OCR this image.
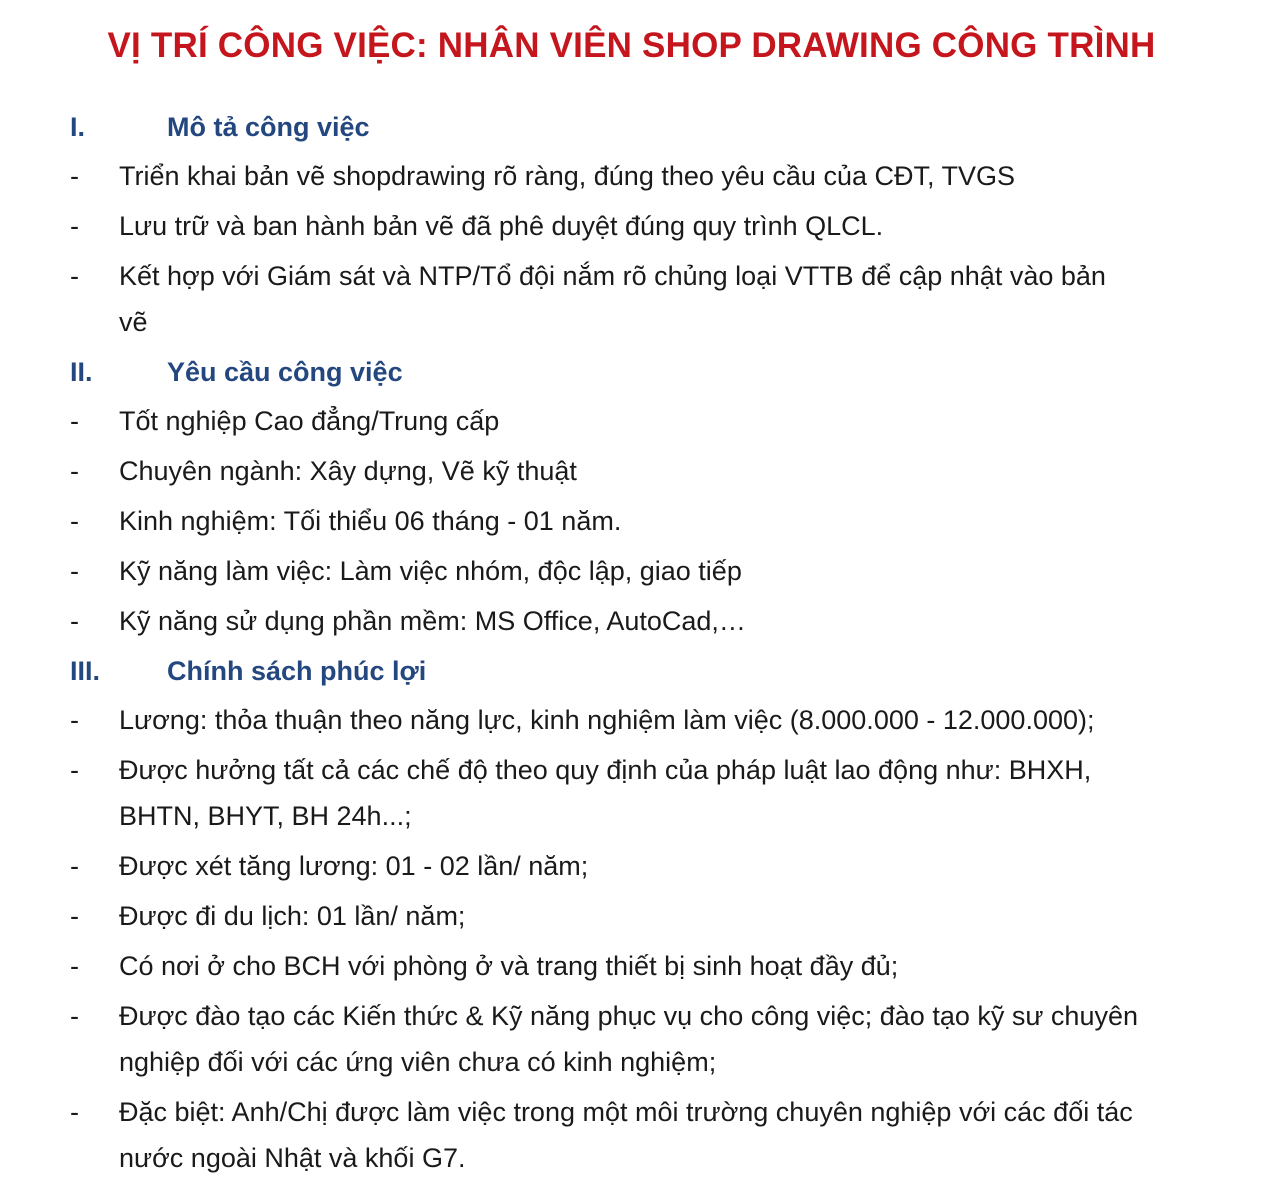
VỊ TRÍ CÔNG VIỆC: NHÂN VIÊN SHOP DRAWING CÔNG TRÌNH
I.	Mô tả công việc
- Triển khai bản vẽ shopdrawing rõ ràng, đúng theo yêu cầu của CĐT, TVGS
- Lưu trữ và ban hành bản vẽ đã phê duyệt đúng quy trình QLCL.
- Kết hợp với Giám sát và NTP/Tổ đội nắm rõ chủng loại VTTB để cập nhật vào bản
vẽ
II.	Yêu cầu công việc
- Tốt nghiệp Cao đẳng/Trung cấp
- Chuyên ngành: Xây dựng, Vẽ kỹ thuật
- Kinh nghiệm: Tối thiểu 06 tháng - 01 năm.
- Kỹ năng làm việc: Làm việc nhóm, độc lập, giao tiếp
- Kỹ năng sử dụng phần mềm: MS Office, AutoCad,…
III. Chính sách phúc lợi
- Lương: thỏa thuận theo năng lực, kinh nghiệm làm việc (8.000.000 - 12.000.000);
- Được hưởng tất cả các chế độ theo quy định của pháp luật lao động như: BHXH,
BHTN, BHYT, BH 24h...;
- Được xét tăng lương: 01 - 02 lần/ năm;
- Được đi du lịch: 01 lần/ năm;
- Có nơi ở cho BCH với phòng ở và trang thiết bị sinh hoạt đầy đủ;
- Được đào tạo các Kiến thức & Kỹ năng phục vụ cho công việc; đào tạo kỹ sư chuyên
nghiệp đối với các ứng viên chưa có kinh nghiệm;
- Đặc biệt: Anh/Chị được làm việc trong một môi trường chuyên nghiệp với các đối tác
nước ngoài Nhật và khối G7.
